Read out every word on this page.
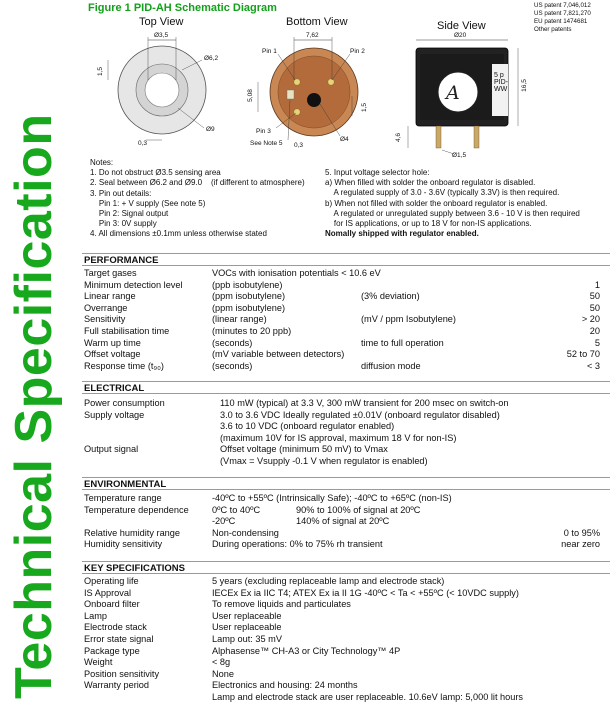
Technical Specification
Figure 1 PID-AH Schematic Diagram	US patent 7,046,012
US patent 7,821,270
EU patent 1474681
Other patents
Top View	Bottom View	Side View
A
Ø3,5
Ø6,2
Ø9
1,5
0,3
7,62
5,08
1,5
0,3
Ø4
Pin 1	Pin 2
Pin 3
See Note 5
Ø20
16,5
4,6
Ø1,5
5 p
PID-
WW
Notes:
1. Do not obstruct Ø3.5 sensing area
2. Seal between Ø6.2 and Ø9.0    (if different to atmosphere)
3. Pin out details:
Pin 1: + V supply (See note 5)
Pin 2: Signal output
Pin 3: 0V supply
4. All dimensions ±0.1mm unless otherwise stated
5. Input voltage selector hole:
a) When filled with solder the onboard regulator is disabled.
A regulated supply of 3.0 - 3.6V (typically 3.3V) is then required.
b) When not filled with solder the onboard regulator is enabled.
A regulated or unregulated supply between 3.6 - 10 V is then required
for IS applications, or up to 18 V for non-IS applications.
Nomally shipped with regulator enabled.
PERFORMANCE
Target gases	VOCs with ionisation potentials < 10.6 eV
Minimum detection level	(ppb isobutylene)	1
Linear range	(ppm isobutylene)	(3% deviation)	50
Overrange	(ppm isobutylene)	50
Sensitivity	(linear range)	(mV / ppm Isobutylene)	> 20
Full stabilisation time	(minutes to 20 ppb)	20
Warm up time	(seconds)	time to full operation	5
Offset voltage	(mV variable between detectors)	52 to 70
Response time (t₉₀)	(seconds)	diffusion mode	< 3
ELECTRICAL
Power consumption	110 mW (typical) at 3.3 V, 300 mW transient for 200 msec on switch-on
Supply voltage	3.0 to 3.6 VDC Ideally regulated ±0.01V (onboard regulator disabled)
3.6 to 10 VDC (onboard regulator enabled)
(maximum 10V for IS approval, maximum 18 V for non-IS)
Output signal	Offset voltage (minimum 50 mV) to Vmax
(Vmax = Vsupply -0.1 V when regulator is enabled)
ENVIRONMENTAL
Temperature range	-40ºC to +55ºC (Intrinsically Safe); -40ºC to +65ºC (non-IS)
Temperature dependence	0ºC to 40ºC	90% to 100% of signal at 20ºC
-20ºC	140% of signal at 20ºC
Relative humidity range	Non-condensing	0 to 95%
Humidity sensitivity	During operations: 0% to 75% rh transient	near zero
KEY SPECIFICATIONS
Operating life	5 years (excluding replaceable lamp and electrode stack)
IS Approval	IECEx Ex ia IIC T4; ATEX Ex ia II 1G -40ºC < Ta < +55ºC (< 10VDC supply)
Onboard filter	To remove liquids and particulates
Lamp	User replaceable
Electrode stack	User replaceable
Error state signal	Lamp out: 35 mV
Package type	Alphasense™ CH-A3 or City Technology™ 4P
Weight	< 8g
Position sensitivity	None
Warranty period	Electronics and housing: 24 months
Lamp and electrode stack are user replaceable. 10.6eV lamp: 5,000 lit hours
